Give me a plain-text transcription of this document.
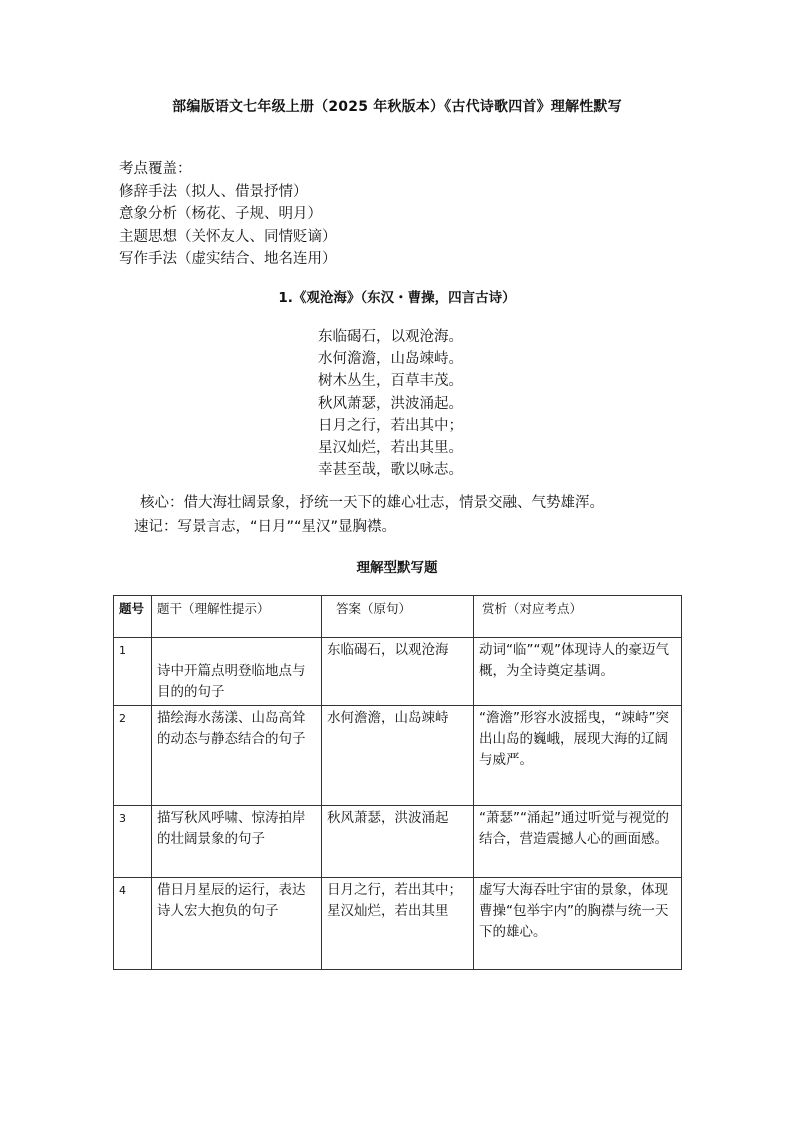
部编版语文七年级上册（2025 年秋版本）《古代诗歌四首》理解性默写
考点覆盖：
修辞手法（拟人、借景抒情）
意象分析（杨花、子规、明月）
主题思想（关怀友人、同情贬谪）
写作手法（虚实结合、地名连用）
1.《观沧海》（东汉・曹操，四言古诗）
东临碣石，以观沧海。
水何澹澹，山岛竦峙。
树木丛生，百草丰茂。
秋风萧瑟，洪波涌起。
日月之行，若出其中；
星汉灿烂，若出其里。
幸甚至哉，歌以咏志。
核心：借大海壮阔景象，抒统一天下的雄心壮志，情景交融、气势雄浑。
速记：写景言志，“日月”“星汉”显胸襟。
理解型默写题
题号	题干（理解性提示）	答案（原句）	赏析（对应考点）
1	诗中开篇点明登临地点与目的的句子	东临碣石，以观沧海	动词“临”“观”体现诗人的豪迈气概，为全诗奠定基调。
2	描绘海水荡漾、山岛高耸的动态与静态结合的句子	水何澹澹，山岛竦峙	“澹澹”形容水波摇曳，“竦峙”突出山岛的巍峨，展现大海的辽阔与威严。
3	描写秋风呼啸、惊涛拍岸的壮阔景象的句子	秋风萧瑟，洪波涌起	“萧瑟”“涌起”通过听觉与视觉的结合，营造震撼人心的画面感。
4	借日月星辰的运行，表达诗人宏大抱负的句子	日月之行，若出其中；星汉灿烂，若出其里	虚写大海吞吐宇宙的景象，体现曹操“包举宇内”的胸襟与统一天下的雄心。
